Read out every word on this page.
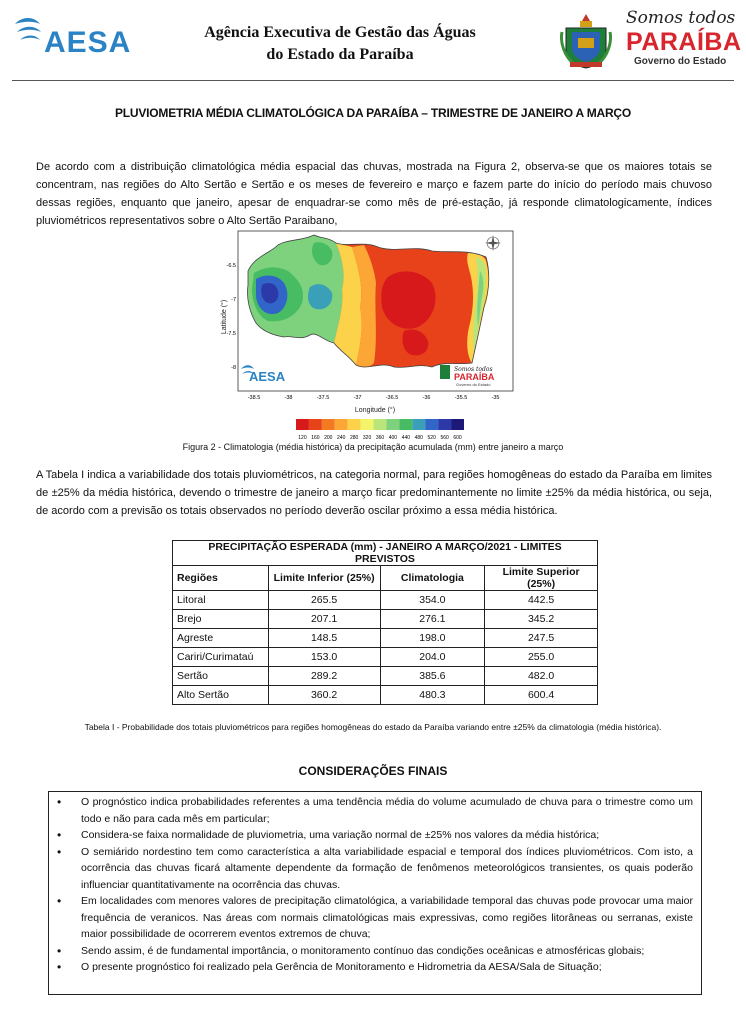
AESA	Agência Executiva de Gestão das Águas
do Estado da Paraíba
Somos todos
PARAÍBA
Governo do Estado
PLUVIOMETRIA MÉDIA CLIMATOLÓGICA DA PARAÍBA – TRIMESTRE DE JANEIRO A MARÇO
De acordo com a distribuição climatológica média espacial das chuvas, mostrada na Figura 2, observa-se que os maiores totais se concentram, nas regiões do Alto Sertão e Sertão e os meses de fevereiro e março e fazem parte do início do período mais chuvoso dessas regiões, enquanto que janeiro, apesar de enquadrar-se como mês de pré-estação, já responde climatologicamente, índices pluviométricos representativos sobre o Alto Sertão Paraibano,
AESA	Somos todos
PARAÍBA
Governo do Estado
Latitude (°)
Longitude (°)
-6.5
-7
-7.5
-8
-38.5	-38	-37.5	-37	-36.5	-36	-35.5	-35
120 160 200 240 280 320 360 400 440 480 520 560 600
Figura 2 - Climatologia (média histórica) da precipitação acumulada (mm) entre janeiro a março
A Tabela I indica a variabilidade dos totais pluviométricos, na categoria normal, para regiões homogêneas do estado da Paraíba em limites de ±25% da média histórica, devendo o trimestre de janeiro a março ficar predominantemente no limite ±25% da média histórica, ou seja, de acordo com a previsão os totais observados no período deverão oscilar próximo a essa média histórica.
PRECIPITAÇÃO ESPERADA (mm) - JANEIRO A MARÇO/2021 - LIMITES PREVISTOS			
Regiões	Limite Inferior (25%)	Climatologia	Limite Superior (25%)
Litoral	265.5	354.0	442.5
Brejo	207.1	276.1	345.2
Agreste	148.5	198.0	247.5
Cariri/Curimataú	153.0	204.0	255.0
Sertão	289.2	385.6	482.0
Alto Sertão	360.2	480.3	600.4
Tabela I - Probabilidade dos totais pluviométricos para regiões homogêneas do estado da Paraíba variando entre ±25% da climatologia (média histórica).
CONSIDERAÇÕES FINAIS
• O prognóstico indica probabilidades referentes a uma tendência média do volume acumulado de chuva para o trimestre como um todo e não para cada mês em particular;
• Considera-se faixa normalidade de pluviometria, uma variação normal de ±25% nos valores da média histórica;
• O semiárido nordestino tem como característica a alta variabilidade espacial e temporal dos índices pluviométricos. Com isto, a ocorrência das chuvas ficará altamente dependente da formação de fenômenos meteorológicos transientes, os quais poderão influenciar quantitativamente na ocorrência das chuvas.
• Em localidades com menores valores de precipitação climatológica, a variabilidade temporal das chuvas pode provocar uma maior frequência de veranicos. Nas áreas com normais climatológicas mais expressivas, como regiões litorâneas ou serranas, existe maior possibilidade de ocorrerem eventos extremos de chuva;
• Sendo assim, é de fundamental importância, o monitoramento contínuo das condições oceânicas e atmosféricas globais;
• O presente prognóstico foi realizado pela Gerência de Monitoramento e Hidrometria da AESA/Sala de Situação;
